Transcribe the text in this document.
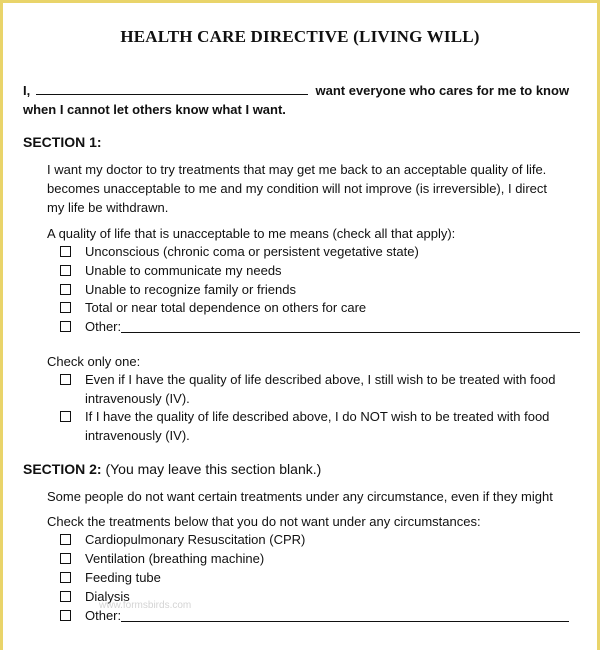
HEALTH CARE DIRECTIVE (LIVING WILL)
I,	want everyone who cares for me to know
when I cannot let others know what I want.
SECTION 1:
I want my doctor to try treatments that may get me back to an acceptable quality of life.
becomes unacceptable to me and my condition will not improve (is irreversible), I direct
my life be withdrawn.
A quality of life that is unacceptable to me means (check all that apply):
Unconscious (chronic coma or persistent vegetative state)
Unable to communicate my needs
Unable to recognize family or friends
Total or near total dependence on others for care
Other:
Check only one:
Even if I have the quality of life described above, I still wish to be treated with food
intravenously (IV).
If I have the quality of life described above, I do NOT wish to be treated with food
intravenously (IV).
SECTION 2: (You may leave this section blank.)
Some people do not want certain treatments under any circumstance, even if they might
Check the treatments below that you do not want under any circumstances:
Cardiopulmonary Resuscitation (CPR)
Ventilation (breathing machine)
Feeding tube
Dialysis
Other:
www.formsbirds.com
